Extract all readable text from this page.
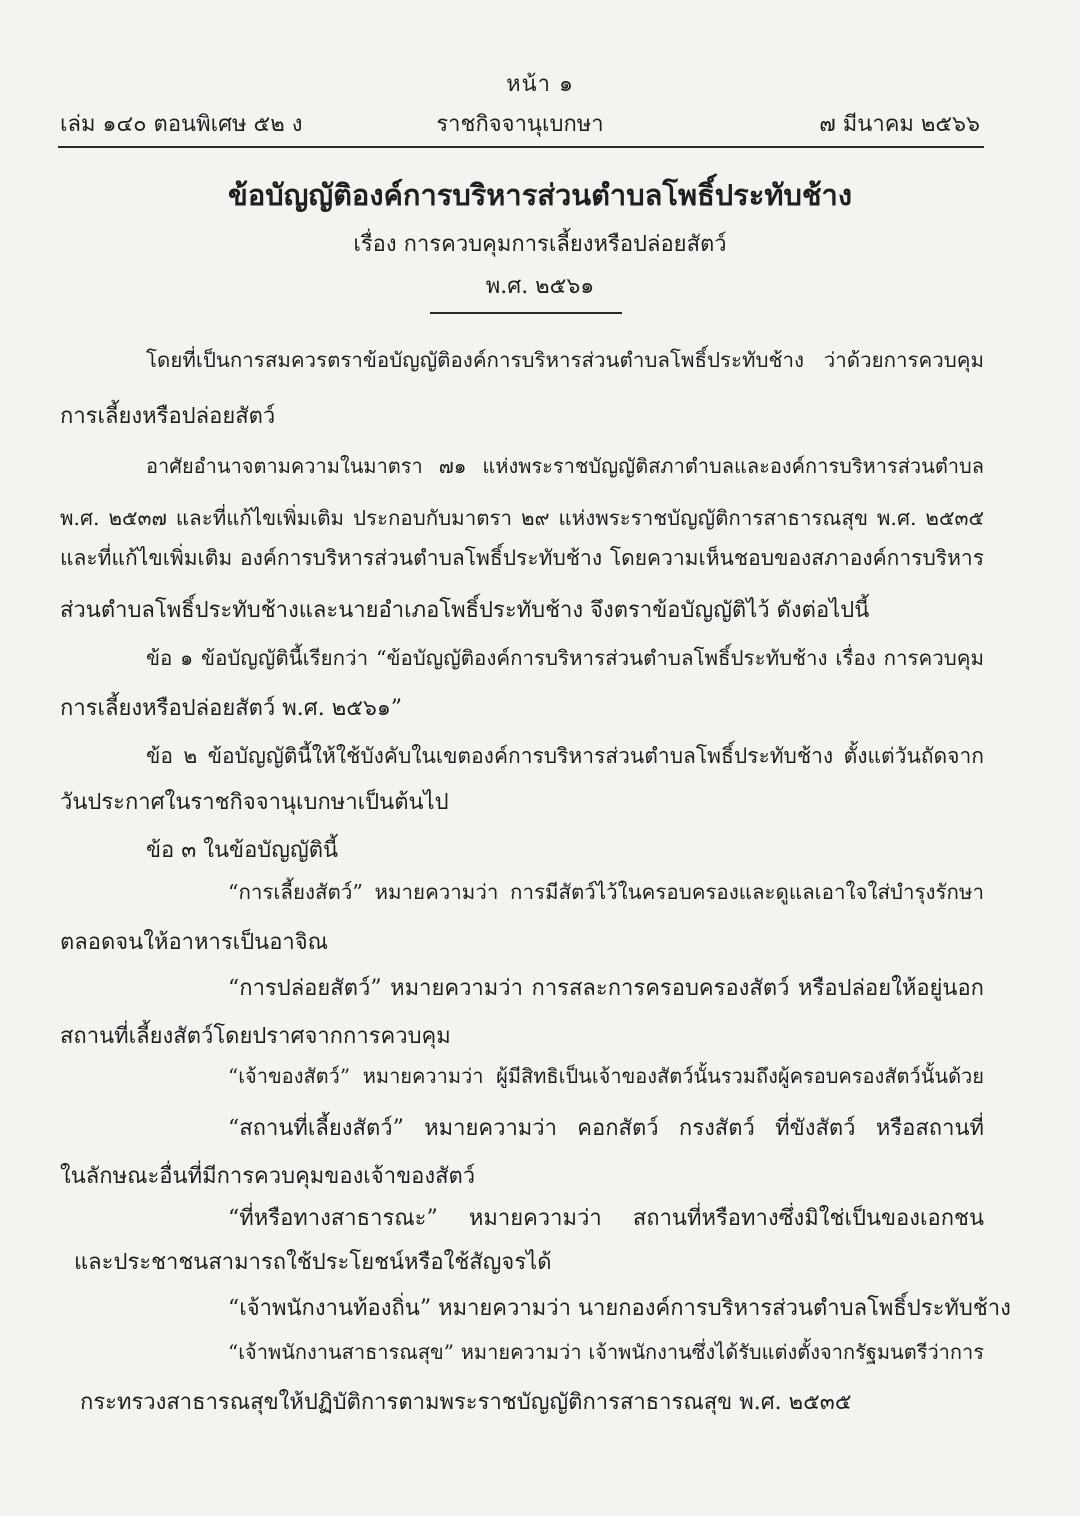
หน้า ๑
ราชกิจจานุเบกษา
เล่ม ๑๔๐ ตอนพิเศษ ๕๒ ง	๗ มีนาคม ๒๕๖๖
ข้อบัญญัติองค์การบริหารส่วนตำบลโพธิ์ประทับช้าง
เรื่อง การควบคุมการเลี้ยงหรือปล่อยสัตว์
พ.ศ. ๒๕๖๑
โดยที่เป็นการสมควรตราข้อบัญญัติองค์การบริหารส่วนตำบลโพธิ์ประทับช้าง ว่าด้วยการควบคุม
การเลี้ยงหรือปล่อยสัตว์
อาศัยอำนาจตามความในมาตรา ๗๑ แห่งพระราชบัญญัติสภาตำบลและองค์การบริหารส่วนตำบล
พ.ศ. ๒๕๓๗ และที่แก้ไขเพิ่มเติม ประกอบกับมาตรา ๒๙ แห่งพระราชบัญญัติการสาธารณสุข พ.ศ. ๒๕๓๕
และที่แก้ไขเพิ่มเติม องค์การบริหารส่วนตำบลโพธิ์ประทับช้าง โดยความเห็นชอบของสภาองค์การบริหาร
ส่วนตำบลโพธิ์ประทับช้างและนายอำเภอโพธิ์ประทับช้าง จึงตราข้อบัญญัติไว้ ดังต่อไปนี้
ข้อ ๑ ข้อบัญญัตินี้เรียกว่า “ข้อบัญญัติองค์การบริหารส่วนตำบลโพธิ์ประทับช้าง เรื่อง การควบคุม
การเลี้ยงหรือปล่อยสัตว์ พ.ศ. ๒๕๖๑”
ข้อ ๒ ข้อบัญญัตินี้ให้ใช้บังคับในเขตองค์การบริหารส่วนตำบลโพธิ์ประทับช้าง ตั้งแต่วันถัดจาก
วันประกาศในราชกิจจานุเบกษาเป็นต้นไป
ข้อ ๓ ในข้อบัญญัตินี้
“การเลี้ยงสัตว์” หมายความว่า การมีสัตว์ไว้ในครอบครองและดูแลเอาใจใส่บำรุงรักษา
ตลอดจนให้อาหารเป็นอาจิณ
“การปล่อยสัตว์” หมายความว่า การสละการครอบครองสัตว์ หรือปล่อยให้อยู่นอก
สถานที่เลี้ยงสัตว์โดยปราศจากการควบคุม
“เจ้าของสัตว์” หมายความว่า ผู้มีสิทธิเป็นเจ้าของสัตว์นั้นรวมถึงผู้ครอบครองสัตว์นั้นด้วย
“สถานที่เลี้ยงสัตว์” หมายความว่า คอกสัตว์ กรงสัตว์ ที่ขังสัตว์ หรือสถานที่
ในลักษณะอื่นที่มีการควบคุมของเจ้าของสัตว์
“ที่หรือทางสาธารณะ” หมายความว่า สถานที่หรือทางซึ่งมิใช่เป็นของเอกชน
และประชาชนสามารถใช้ประโยชน์หรือใช้สัญจรได้
“เจ้าพนักงานท้องถิ่น” หมายความว่า นายกองค์การบริหารส่วนตำบลโพธิ์ประทับช้าง
“เจ้าพนักงานสาธารณสุข” หมายความว่า เจ้าพนักงานซึ่งได้รับแต่งตั้งจากรัฐมนตรีว่าการ
กระทรวงสาธารณสุขให้ปฏิบัติการตามพระราชบัญญัติการสาธารณสุข พ.ศ. ๒๕๓๕
